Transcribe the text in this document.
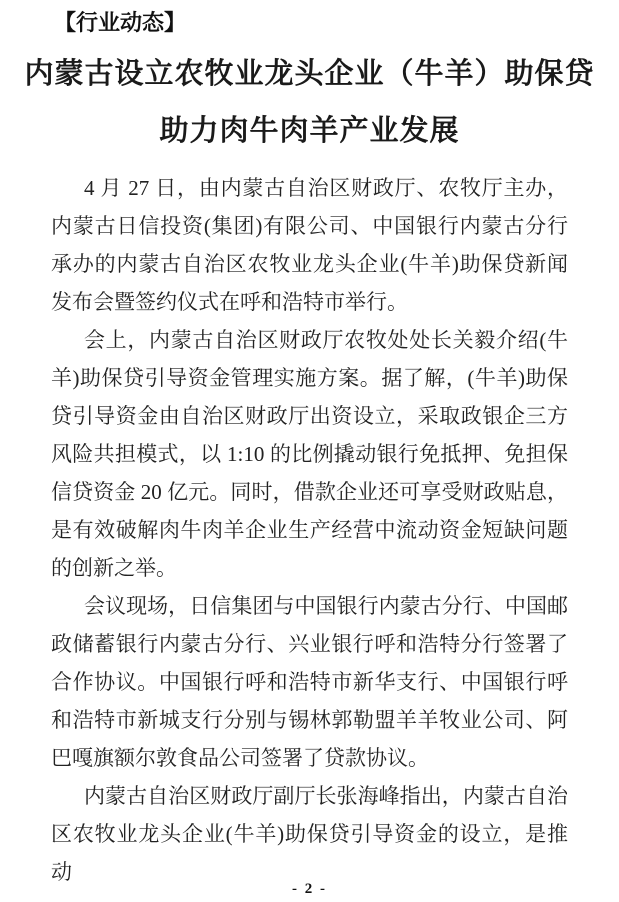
【行业动态】
内蒙古设立农牧业龙头企业（牛羊）助保贷
助力肉牛肉羊产业发展

4 月 27 日，由内蒙古自治区财政厅、农牧厅主办，内蒙古日信投资(集团)有限公司、中国银行内蒙古分行承办的内蒙古自治区农牧业龙头企业(牛羊)助保贷新闻发布会暨签约仪式在呼和浩特市举行。

会上，内蒙古自治区财政厅农牧处处长关毅介绍(牛羊)助保贷引导资金管理实施方案。据了解，(牛羊)助保贷引导资金由自治区财政厅出资设立，采取政银企三方风险共担模式，以 1:10 的比例撬动银行免抵押、免担保信贷资金 20 亿元。同时，借款企业还可享受财政贴息，是有效破解肉牛肉羊企业生产经营中流动资金短缺问题的创新之举。

会议现场，日信集团与中国银行内蒙古分行、中国邮政储蓄银行内蒙古分行、兴业银行呼和浩特分行签署了合作协议。中国银行呼和浩特市新华支行、中国银行呼和浩特市新城支行分别与锡林郭勒盟羊羊牧业公司、阿巴嘎旗额尔敦食品公司签署了贷款协议。

内蒙古自治区财政厅副厅长张海峰指出，内蒙古自治区农牧业龙头企业(牛羊)助保贷引导资金的设立，是推动

- 2 -
